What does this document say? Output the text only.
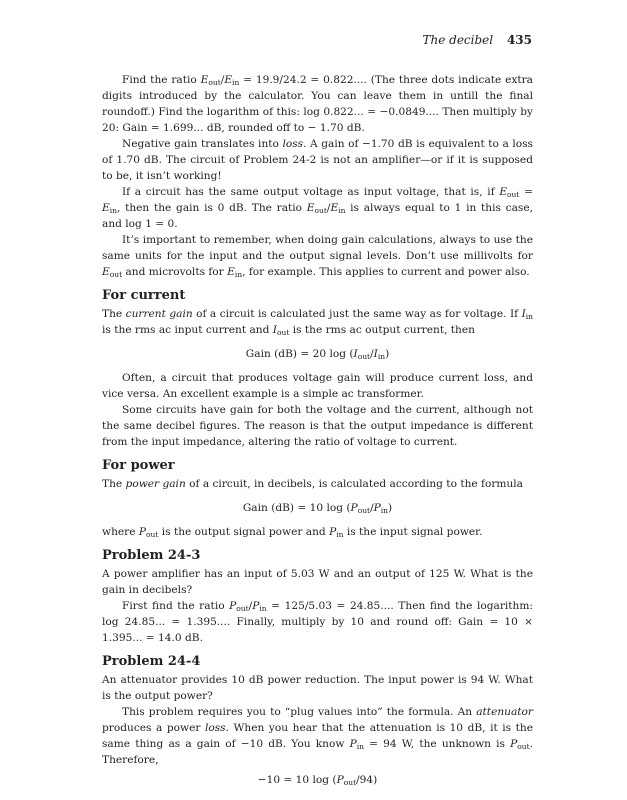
The decibel 435

Find the ratio $E_{out}/E_{in} = 19.9/24.2 = 0.822$.... (The three dots indicate extra digits introduced by the calculator. You can leave them in untill the final roundoff.) Find the logarithm of this: log 0.822... = −0.0849.... Then multiply by 20: Gain = 1.699... dB, rounded off to − 1.70 dB.

Negative gain translates into loss. A gain of −1.70 dB is equivalent to a loss of 1.70 dB. The circuit of Problem 24-2 is not an amplifier—or if it is supposed to be, it isn’t working!

If a circuit has the same output voltage as input voltage, that is, if $E_{out} = E_{in}$, then the gain is 0 dB. The ratio $E_{out}/E_{in}$ is always equal to 1 in this case, and log 1 = 0.

It’s important to remember, when doing gain calculations, always to use the same units for the input and the output signal levels. Don’t use millivolts for $E_{out}$ and microvolts for $E_{in}$, for example. This applies to current and power also.

For current

The current gain of a circuit is calculated just the same way as for voltage. If $I_{in}$ is the rms ac input current and $I_{out}$ is the rms ac output current, then

Gain (dB) = 20 $\log (I_{out}/I_{in})$

Often, a circuit that produces voltage gain will produce current loss, and vice versa. An excellent example is a simple ac transformer.

Some circuits have gain for both the voltage and the current, although not the same decibel figures. The reason is that the output impedance is different from the input impedance, altering the ratio of voltage to current.

For power

The power gain of a circuit, in decibels, is calculated according to the formula

Gain (dB) = 10 $\log (P_{out}/P_{in})$

where $P_{out}$ is the output signal power and $P_{in}$ is the input signal power.

Problem 24-3

A power amplifier has an input of 5.03 W and an output of 125 W. What is the gain in decibels?

First find the ratio $P_{out}/P_{in} = 125/5.03 = 24.85$.... Then find the logarithm: log 24.85... = 1.395.... Finally, multiply by 10 and round off: Gain = 10 × 1.395... = 14.0 dB.

Problem 24-4

An attenuator provides 10 dB power reduction. The input power is 94 W. What is the output power?

This problem requires you to “plug values into” the formula. An attenuator produces a power loss. When you hear that the attenuation is 10 dB, it is the same thing as a gain of −10 dB. You know $P_{in} = 94$ W, the unknown is $P_{out}$. Therefore,

−10 = 10 $\log (P_{out}/94)$
